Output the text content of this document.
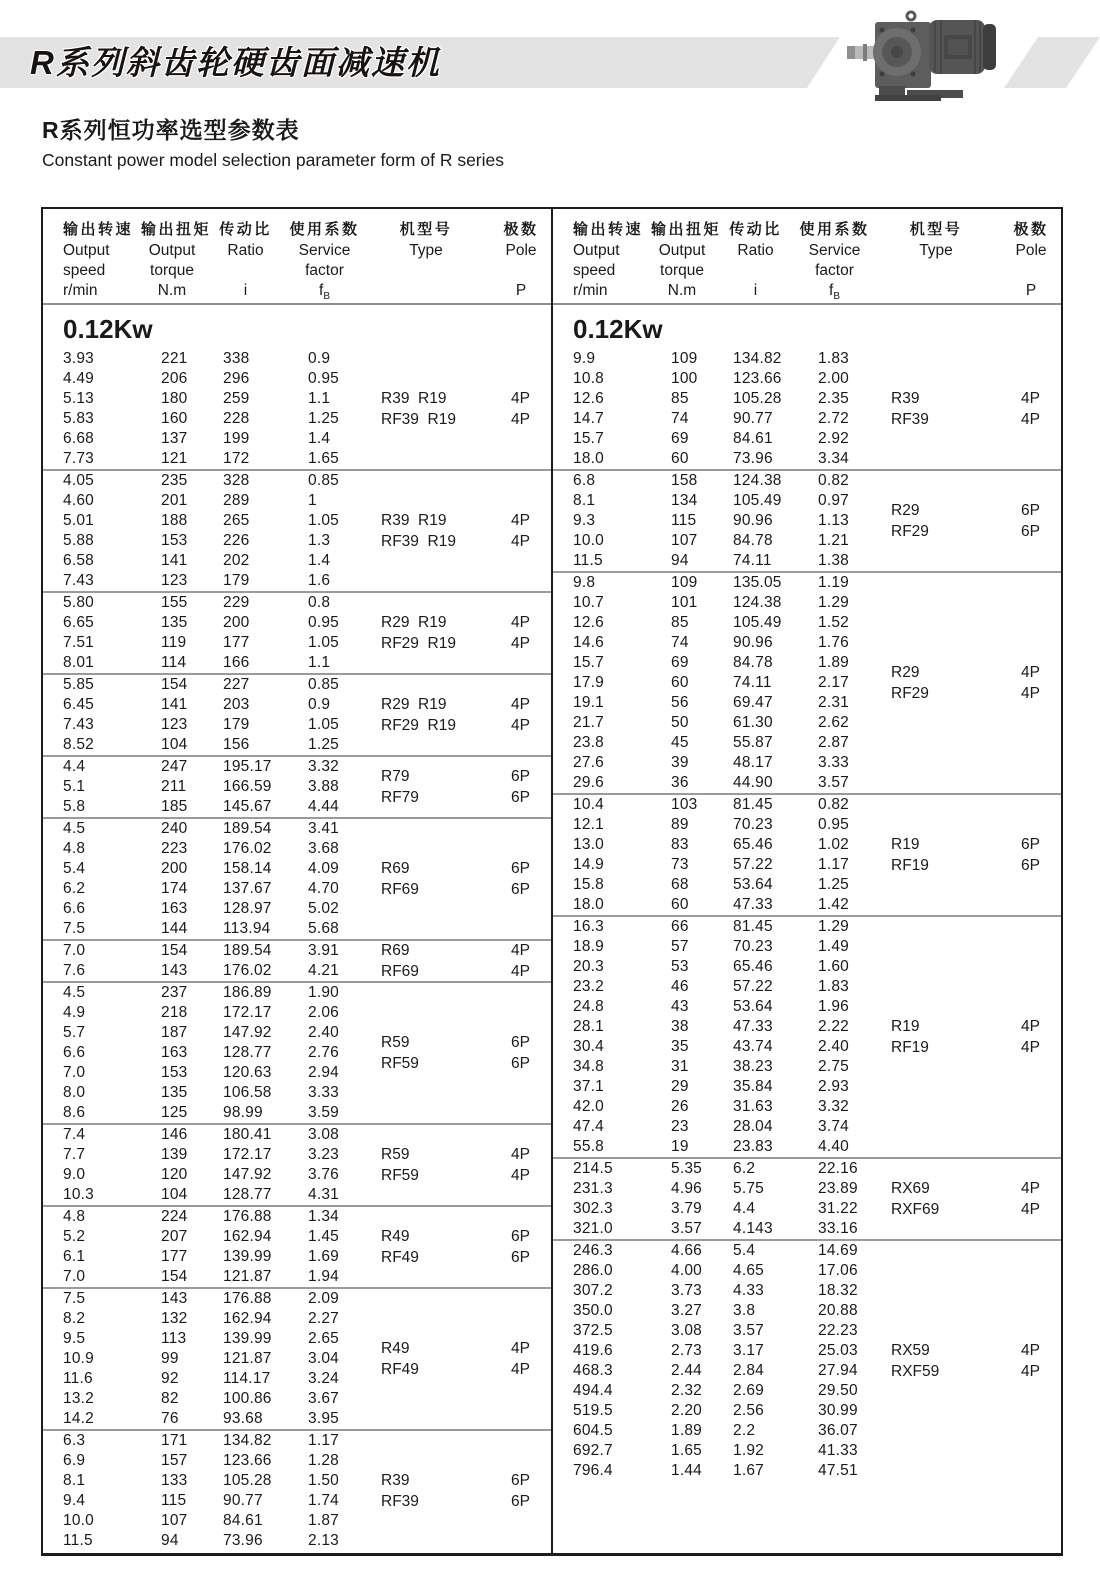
R系列斜齿轮硬齿面减速机
R系列恒功率选型参数表
Constant power model selection parameter form of R series
输出转速
Output
speed
r/min
输出扭矩
Output
torque
N.m
传动比
Ratio
i
使用系数
Service
factor
$f_B$
机型号
Type
极数
Pole
P
0.12Kw
3.93	221	338	0.9
4.49	206	296	0.95
5.13	180	259	1.1
5.83	160	228	1.25
6.68	137	199	1.4
7.73	121	172	1.65
R39  R19	4P
RF39  R19	4P
4.05	235	328	0.85
4.60	201	289	1
5.01	188	265	1.05
5.88	153	226	1.3
6.58	141	202	1.4
7.43	123	179	1.6
R39  R19	4P
RF39  R19	4P
5.80	155	229	0.8
6.65	135	200	0.95
7.51	119	177	1.05
8.01	114	166	1.1
R29  R19	4P
RF29  R19	4P
5.85	154	227	0.85
6.45	141	203	0.9
7.43	123	179	1.05
8.52	104	156	1.25
R29  R19	4P
RF29  R19	4P
4.4	247	195.17	3.32
5.1	211	166.59	3.88
5.8	185	145.67	4.44
R79	6P
RF79	6P
4.5	240	189.54	3.41
4.8	223	176.02	3.68
5.4	200	158.14	4.09
6.2	174	137.67	4.70
6.6	163	128.97	5.02
7.5	144	113.94	5.68
R69	6P
RF69	6P
7.0	154	189.54	3.91
7.6	143	176.02	4.21
R69	4P
RF69	4P
4.5	237	186.89	1.90
4.9	218	172.17	2.06
5.7	187	147.92	2.40
6.6	163	128.77	2.76
7.0	153	120.63	2.94
8.0	135	106.58	3.33
8.6	125	98.99	3.59
R59	6P
RF59	6P
7.4	146	180.41	3.08
7.7	139	172.17	3.23
9.0	120	147.92	3.76
10.3	104	128.77	4.31
R59	4P
RF59	4P
4.8	224	176.88	1.34
5.2	207	162.94	1.45
6.1	177	139.99	1.69
7.0	154	121.87	1.94
R49	6P
RF49	6P
7.5	143	176.88	2.09
8.2	132	162.94	2.27
9.5	113	139.99	2.65
10.9	99	121.87	3.04
11.6	92	114.17	3.24
13.2	82	100.86	3.67
14.2	76	93.68	3.95
R49	4P
RF49	4P
6.3	171	134.82	1.17
6.9	157	123.66	1.28
8.1	133	105.28	1.50
9.4	115	90.77	1.74
10.0	107	84.61	1.87
11.5	94	73.96	2.13
R39	6P
RF39	6P
输出转速
Output
speed
r/min
输出扭矩
Output
torque
N.m
传动比
Ratio
i
使用系数
Service
factor
$f_B$
机型号
Type
极数
Pole
P
0.12Kw
9.9	109	134.82	1.83
10.8	100	123.66	2.00
12.6	85	105.28	2.35
14.7	74	90.77	2.72
15.7	69	84.61	2.92
18.0	60	73.96	3.34
R39	4P
RF39	4P
6.8	158	124.38	0.82
8.1	134	105.49	0.97
9.3	115	90.96	1.13
10.0	107	84.78	1.21
11.5	94	74.11	1.38
R29	6P
RF29	6P
9.8	109	135.05	1.19
10.7	101	124.38	1.29
12.6	85	105.49	1.52
14.6	74	90.96	1.76
15.7	69	84.78	1.89
17.9	60	74.11	2.17
19.1	56	69.47	2.31
21.7	50	61.30	2.62
23.8	45	55.87	2.87
27.6	39	48.17	3.33
29.6	36	44.90	3.57
R29	4P
RF29	4P
10.4	103	81.45	0.82
12.1	89	70.23	0.95
13.0	83	65.46	1.02
14.9	73	57.22	1.17
15.8	68	53.64	1.25
18.0	60	47.33	1.42
R19	6P
RF19	6P
16.3	66	81.45	1.29
18.9	57	70.23	1.49
20.3	53	65.46	1.60
23.2	46	57.22	1.83
24.8	43	53.64	1.96
28.1	38	47.33	2.22
30.4	35	43.74	2.40
34.8	31	38.23	2.75
37.1	29	35.84	2.93
42.0	26	31.63	3.32
47.4	23	28.04	3.74
55.8	19	23.83	4.40
R19	4P
RF19	4P
214.5	5.35	6.2	22.16
231.3	4.96	5.75	23.89
302.3	3.79	4.4	31.22
321.0	3.57	4.143	33.16
RX69	4P
RXF69	4P
246.3	4.66	5.4	14.69
286.0	4.00	4.65	17.06
307.2	3.73	4.33	18.32
350.0	3.27	3.8	20.88
372.5	3.08	3.57	22.23
419.6	2.73	3.17	25.03
468.3	2.44	2.84	27.94
494.4	2.32	2.69	29.50
519.5	2.20	2.56	30.99
604.5	1.89	2.2	36.07
692.7	1.65	1.92	41.33
796.4	1.44	1.67	47.51
RX59	4P
RXF59	4P
